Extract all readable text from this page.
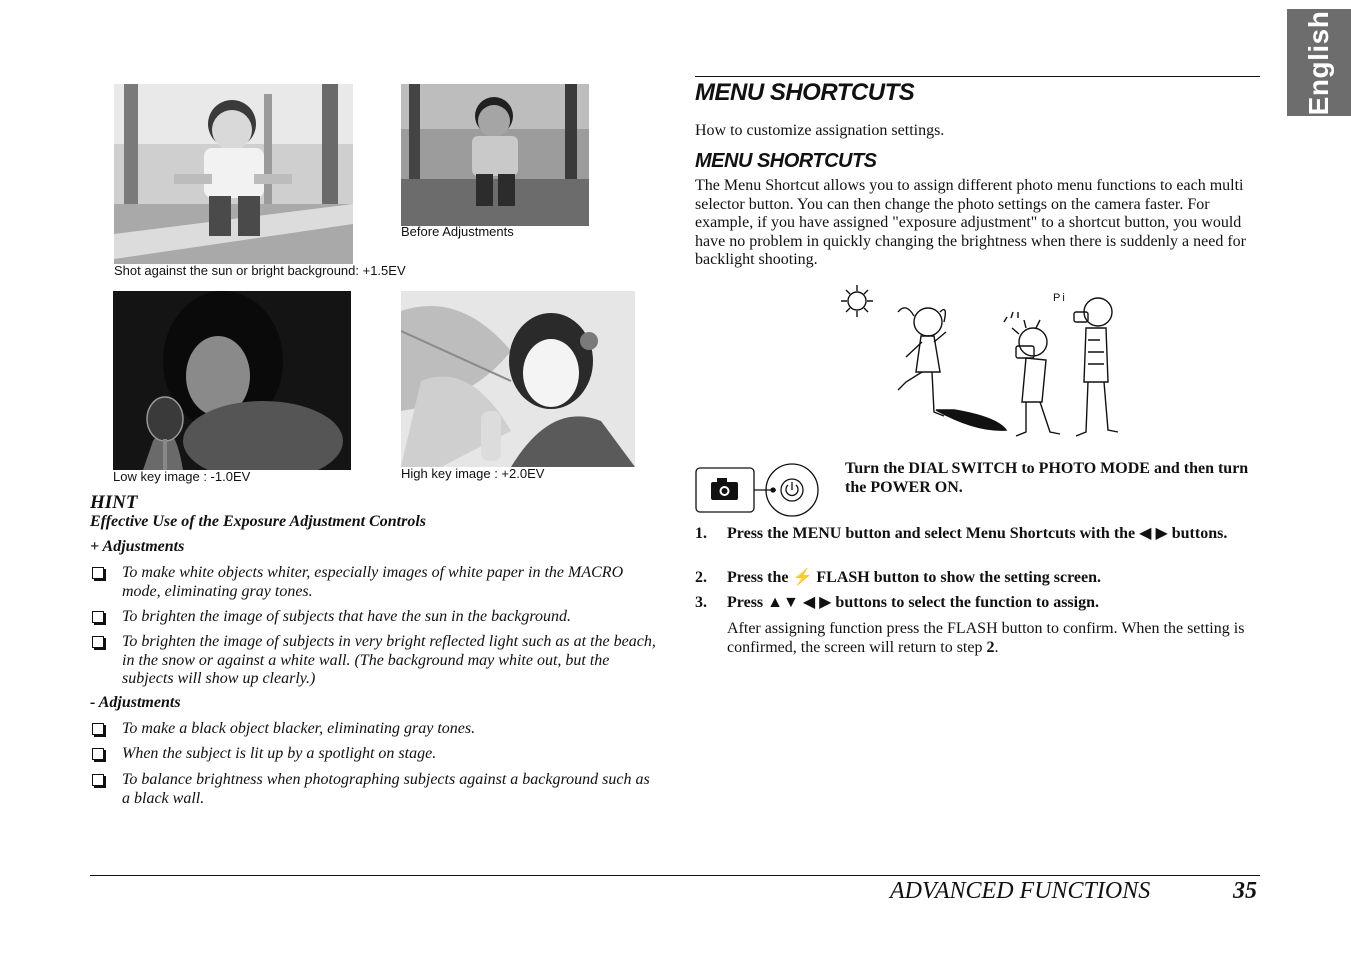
English
Shot against the sun or bright background: +1.5EV
Before Adjustments
Low key image : -1.0EV	High key image : +2.0EV
HINT
Effective Use of the Exposure Adjustment Controls
+ Adjustments
To make white objects whiter, especially images of white paper in the MACRO mode, eliminating gray tones.
To brighten the image of subjects that have the sun in the background.
To brighten the image of subjects in very bright reflected light such as at the beach, in the snow or against a white wall. (The background may white out, but the subjects will show up clearly.)
- Adjustments
To make a black object blacker, eliminating gray tones.
When the subject is lit up by a spotlight on stage.
To balance brightness when photographing subjects against a background such as a black wall.
MENU SHORTCUTS
How to customize assignation settings.
MENU SHORTCUTS
The Menu Shortcut allows you to assign different photo menu functions to each multi selector button. You can then change the photo settings on the camera faster. For example, if you have assigned "exposure adjustment" to a shortcut button, you would have no problem in quickly changing the brightness when there is suddenly a need for backlight shooting.
Pi
Turn the DIAL SWITCH to PHOTO MODE and then turn the POWER ON.
1. Press the MENU button and select Menu Shortcuts with the ◀ ▶ buttons.
2. Press the ⚡ FLASH button to show the setting screen.
3. Press ▲▼ ◀ ▶ buttons to select the function to assign.
After assigning function press the FLASH button to confirm. When the setting is confirmed, the screen will return to step 2.
ADVANCED FUNCTIONS	35
